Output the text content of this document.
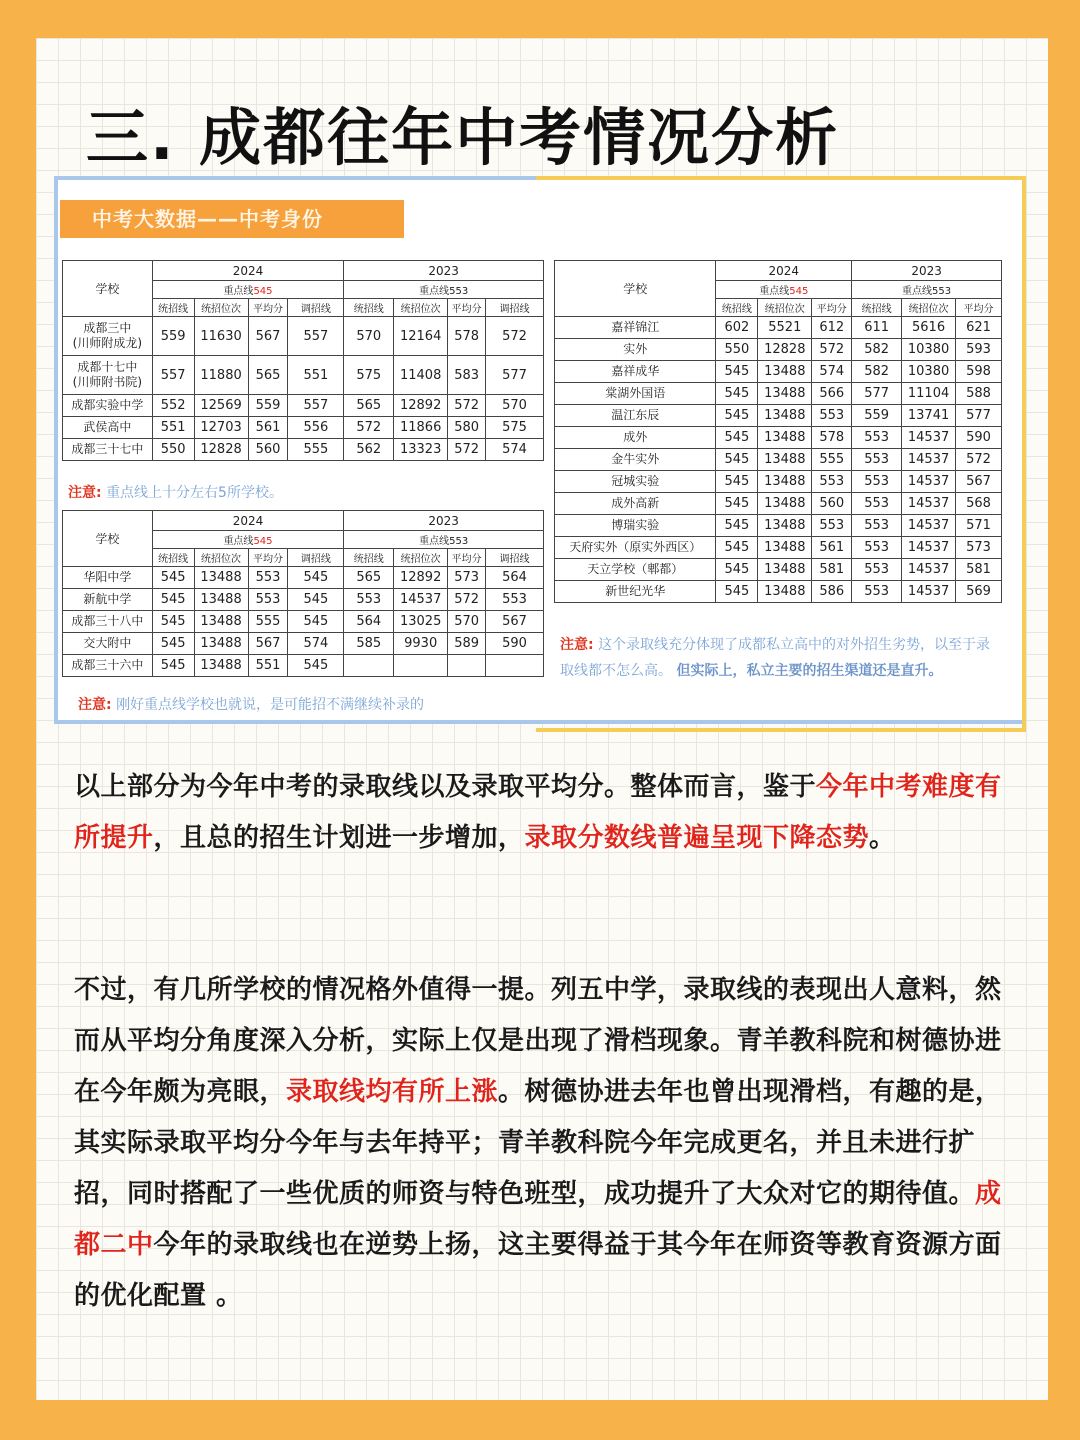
三. 成都往年中考情况分析
中考大数据——中考身份
学校	2024				2023			
	重点线545				重点线553			
	统招线	统招位次	平均分	调招线	统招线	统招位次	平均分	调招线

成都三中
(川师附成龙)	559	11630	567	557	570	12164	578	572

成都十七中
(川师附书院)	557	11880	565	551	575	11408	583	577

成都实验中学	552	12569	559	557	565	12892	572	570

武侯高中	551	12703	561	556	572	11866	580	575

成都三十七中	550	12828	560	555	562	13323	572	574
注意: 重点线上十分左右5所学校。
学校	2024				2023			
	重点线545				重点线553			
	统招线	统招位次	平均分	调招线	统招线	统招位次	平均分	调招线
华阳中学	545	13488	553	545	565	12892	573	564
新航中学	545	13488	553	545	553	14537	572	553
成都三十八中	545	13488	555	545	564	13025	570	567
交大附中	545	13488	567	574	585	9930	589	590
成都三十六中	545	13488	551	545				
注意: 刚好重点线学校也就说，是可能招不满继续补录的
学校	2024			2023		
	重点线545			重点线553		
	统招线	统招位次	平均分	统招线	统招位次	平均分
嘉祥锦江	602	5521	612	611	5616	621
实外	550	12828	572	582	10380	593
嘉祥成华	545	13488	574	582	10380	598
棠湖外国语	545	13488	566	577	11104	588
温江东辰	545	13488	553	559	13741	577
成外	545	13488	578	553	14537	590
金牛实外	545	13488	555	553	14537	572
冠城实验	545	13488	553	553	14537	567
成外高新	545	13488	560	553	14537	568
博瑞实验	545	13488	553	553	14537	571
天府实外（原实外西区）	545	13488	561	553	14537	573
天立学校（郫都）	545	13488	581	553	14537	581
新世纪光华	545	13488	586	553	14537	569
注意: 这个录取线充分体现了成都私立高中的对外招生劣势，以至于录取线都不怎么高。 但实际上，私立主要的招生渠道还是直升。
以上部分为今年中考的录取线以及录取平均分。整体而言，鉴于今年中考难度有所提升，且总的招生计划进一步增加，录取分数线普遍呈现下降态势。
不过，有几所学校的情况格外值得一提。列五中学，录取线的表现出人意料，然而从平均分角度深入分析，实际上仅是出现了滑档现象。青羊教科院和树德协进在今年颇为亮眼，录取线均有所上涨。树德协进去年也曾出现滑档，有趣的是，其实际录取平均分今年与去年持平；青羊教科院今年完成更名，并且未进行扩招，同时搭配了一些优质的师资与特色班型，成功提升了大众对它的期待值。成都二中今年的录取线也在逆势上扬，这主要得益于其今年在师资等教育资源方面的优化配置 。
